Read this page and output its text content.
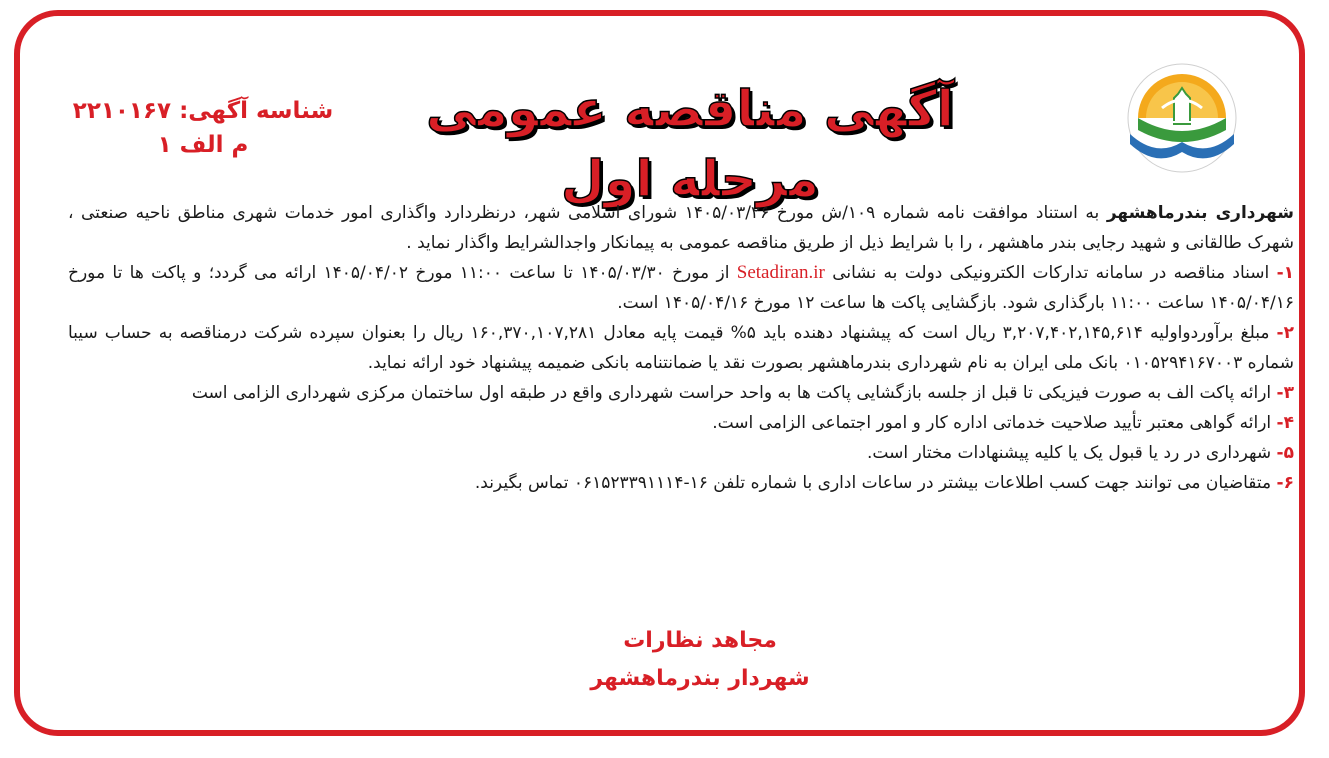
آگهی مناقصه عمومی مرحله اول
شناسه آگهی: ۲۲۱۰۱۶۷
م الف ۱

شهرداری بندرماهشهر به استناد موافقت نامه شماره ۱۰۹/ش مورخ ۱۴۰۵/۰۳/۲۶ شورای اسلامی شهر، درنظردارد واگذاری امور خدمات شهری مناطق ناحیه صنعتی ، شهرک طالقانی و شهید رجایی بندر ماهشهر ، را با شرایط ذیل از طریق مناقصه عمومی به پیمانکار واجدالشرایط واگذار نماید .

۱- اسناد مناقصه در سامانه تدارکات الکترونیکی دولت به نشانی Setadiran.ir از مورخ ۱۴۰۵/۰۳/۳۰ تا ساعت ۱۱:۰۰ مورخ ۱۴۰۵/۰۴/۰۲ ارائه می گردد؛ و پاکت ها تا مورخ ۱۴۰۵/۰۴/۱۶ ساعت ۱۱:۰۰ بارگذاری شود. بازگشایی پاکت ها ساعت ۱۲ مورخ ۱۴۰۵/۰۴/۱۶ است.

۲- مبلغ برآوردواولیه ۳,۲۰۷,۴۰۲,۱۴۵,۶۱۴ ریال است که پیشنهاد دهنده باید ۵% قیمت پایه معادل ۱۶۰,۳۷۰,۱۰۷,۲۸۱ ریال را بعنوان سپرده شرکت درمناقصه به حساب سیبا شماره ۰۱۰۵۲۹۴۱۶۷۰۰۳ بانک ملی ایران به نام شهرداری بندرماهشهر بصورت نقد یا ضمانتنامه بانکی ضمیمه پیشنهاد خود ارائه نماید.

۳- ارائه پاکت الف به صورت فیزیکی تا قبل از جلسه بازگشایی پاکت ها به واحد حراست شهرداری واقع در طبقه اول ساختمان مرکزی شهرداری الزامی است

۴- ارائه گواهی معتبر تأیید صلاحیت خدماتی اداره کار و امور اجتماعی الزامی است.

۵- شهرداری در رد یا قبول یک یا کلیه پیشنهادات مختار است.

۶- متقاضیان می توانند جهت کسب اطلاعات بیشتر در ساعات اداری با شماره تلفن ۱۶-۰۶۱۵۲۳۳۹۱۱۱۴ تماس بگیرند.

مجاهد نظارات
شهردار بندرماهشهر
